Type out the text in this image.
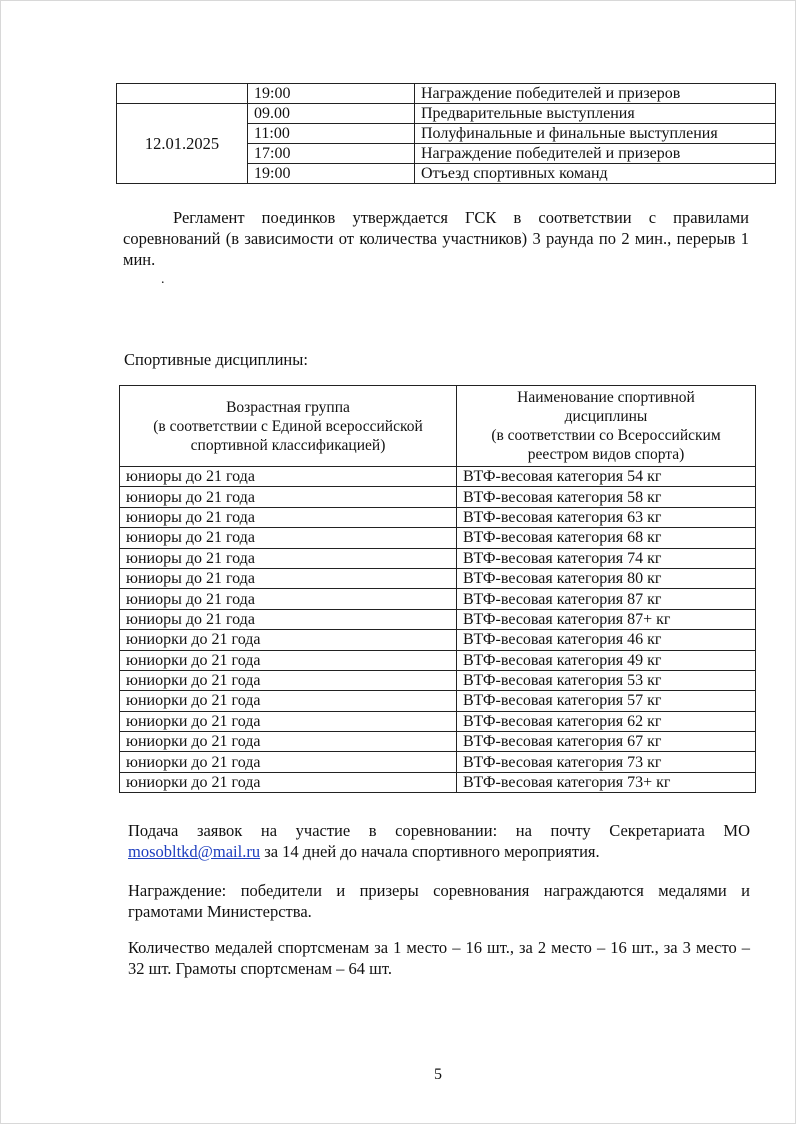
	19:00	Награждение победителей и призеров
12.01.2025	09.00	Предварительные выступления
	11:00	Полуфинальные и финальные выступления
	17:00	Награждение победителей и призеров
	19:00	Отъезд спортивных команд

Регламент поединков утверждается ГСК в соответствии с правилами соревнований (в зависимости от количества участников) 3 раунда по 2 мин., перерыв 1 мин.

.

Спортивные дисциплины:

Возрастная группа
(в соответствии с Единой всероссийской
спортивной классификацией)	Наименование спортивной
дисциплины
(в соответствии со Всероссийским
реестром видов спорта)

юниоры до 21 года	ВТФ-весовая категория 54 кг
юниоры до 21 года	ВТФ-весовая категория 58 кг
юниоры до 21 года	ВТФ-весовая категория 63 кг
юниоры до 21 года	ВТФ-весовая категория 68 кг
юниоры до 21 года	ВТФ-весовая категория 74 кг
юниоры до 21 года	ВТФ-весовая категория 80 кг
юниоры до 21 года	ВТФ-весовая категория 87 кг
юниоры до 21 года	ВТФ-весовая категория 87+ кг
юниорки до 21 года	ВТФ-весовая категория 46 кг
юниорки до 21 года	ВТФ-весовая категория 49 кг
юниорки до 21 года	ВТФ-весовая категория 53 кг
юниорки до 21 года	ВТФ-весовая категория 57 кг
юниорки до 21 года	ВТФ-весовая категория 62 кг
юниорки до 21 года	ВТФ-весовая категория 67 кг
юниорки до 21 года	ВТФ-весовая категория 73 кг
юниорки до 21 года	ВТФ-весовая категория 73+ кг

Подача заявок на участие в соревновании: на почту Секретариата МО mosobltkd@mail.ru за 14 дней до начала спортивного мероприятия.

Награждение: победители и призеры соревнования награждаются медалями и грамотами Министерства.

Количество медалей спортсменам за 1 место – 16 шт., за 2 место – 16 шт., за 3 место – 32 шт. Грамоты спортсменам – 64 шт.

5
